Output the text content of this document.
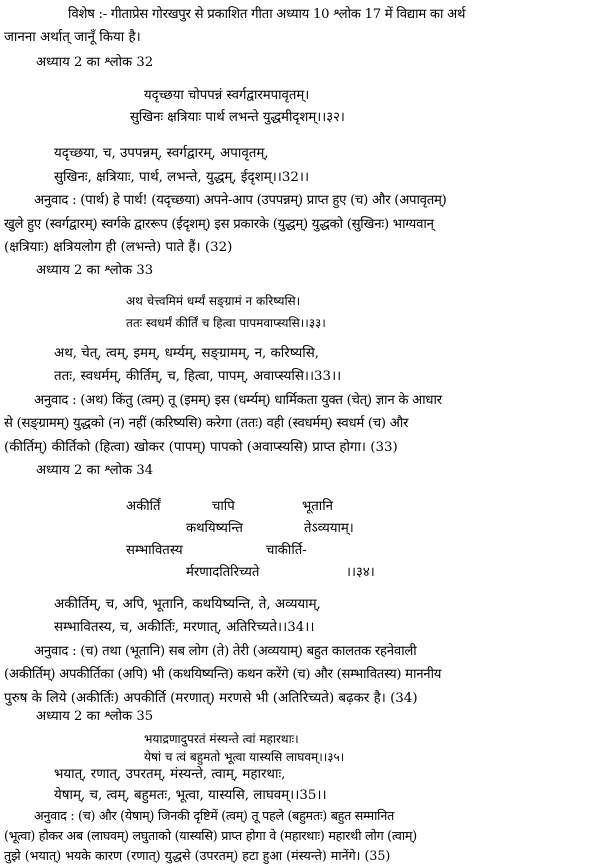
विशेष :- गीताप्रेस गोरखपुर से प्रकाशित गीता अध्याय 10 श्लोक 17 में विद्याम का अर्थ

जानना अर्थात् जानूँ किया है।

अध्याय 2 का श्लोक 32

यदृच्छया चोपपन्नं स्वर्गद्वारमपावृतम्।

सुखिनः क्षत्रियाः पार्थ लभन्ते युद्धमीदृशम्।।३२।

यदृच्छया, च, उपपन्नम्, स्वर्गद्वारम्, अपावृतम्,

सुखिनः, क्षत्रियाः, पार्थ, लभन्ते, युद्धम्, ईदृशम्।।32।।

अनुवाद : (पार्थ) हे पार्थ! (यदृच्छया) अपने-आप (उपपन्नम्) प्राप्त हुए (च) और (अपावृतम्)

खुले हुए (स्वर्गद्वारम्) स्वर्गके द्वाररूप (ईदृशम्) इस प्रकारके (युद्धम्) युद्धको (सुखिनः) भाग्यवान्

(क्षत्रियाः) क्षत्रियलोग ही (लभन्ते) पाते हैं। (32)

अध्याय 2 का श्लोक 33

अथ चेत्त्वमिमं धर्म्यं सङ्ग्रामं न करिष्यसि।

ततः स्वधर्मं कीर्तिं च हित्वा पापमवाप्स्यसि।।३३।

अथ, चेत्, त्वम्, इमम्, धर्म्यम्, सङ्ग्रामम्, न, करिष्यसि,

ततः, स्वधर्मम्, कीर्तिम्, च, हित्वा, पापम्, अवाप्स्यसि।।33।।

अनुवाद : (अथ) किंतु (त्वम्) तू (इमम्) इस (धर्म्यम्) धार्मिकता युक्त (चेत्) ज्ञान के आधार

से (सङ्ग्रामम्) युद्धको (न) नहीं (करिष्यसि) करेगा (ततः) वही (स्वधर्मम्) स्वधर्म (च) और

(कीर्तिम्) कीर्तिको (हित्वा) खोकर (पापम्) पापको (अवाप्स्यसि) प्राप्त होगा। (33)

अध्याय 2 का श्लोक 34

अकीर्तिं	चापि	भूतानि

कथयिष्यन्ति	तेऽव्ययाम्।

सम्भावितस्य	चाकीर्ति-

र्मरणादतिरिच्यते	।।३४।

अकीर्तिम्, च, अपि, भूतानि, कथयिष्यन्ति, ते, अव्ययाम्,

सम्भावितस्य, च, अकीर्तिः, मरणात्, अतिरिच्यते।।34।।

अनुवाद : (च) तथा (भूतानि) सब लोग (ते) तेरी (अव्ययाम्) बहुत कालतक रहनेवाली

(अकीर्तिम्) अपकीर्तिका (अपि) भी (कथयिष्यन्ति) कथन करेंगे (च) और (सम्भावितस्य) माननीय

पुरुष के लिये (अकीर्तिः) अपकीर्ति (मरणात्) मरणसे भी (अतिरिच्यते) बढ़कर है। (34)

अध्याय 2 का श्लोक 35

भयाद्रणादुपरतं मंस्यन्ते त्वां महारथाः।

येषां च त्वं बहुमतो भूत्वा यास्यसि लाघवम्।।३५।

भयात्, रणात्, उपरतम्, मंस्यन्ते, त्वाम्, महारथाः,

येषाम्, च, त्वम्, बहुमतः, भूत्वा, यास्यसि, लाघवम्।।35।।

अनुवाद : (च) और (येषाम्) जिनकी दृष्टिमें (त्वम्) तू पहले (बहुमतः) बहुत सम्मानित

(भूत्वा) होकर अब (लाघवम्) लघुताको (यास्यसि) प्राप्त होगा वे (महारथाः) महारथी लोग (त्वाम्)

तुझे (भयात्) भयके कारण (रणात्) युद्धसे (उपरतम्) हटा हुआ (मंस्यन्ते) मानेंगे। (35)
